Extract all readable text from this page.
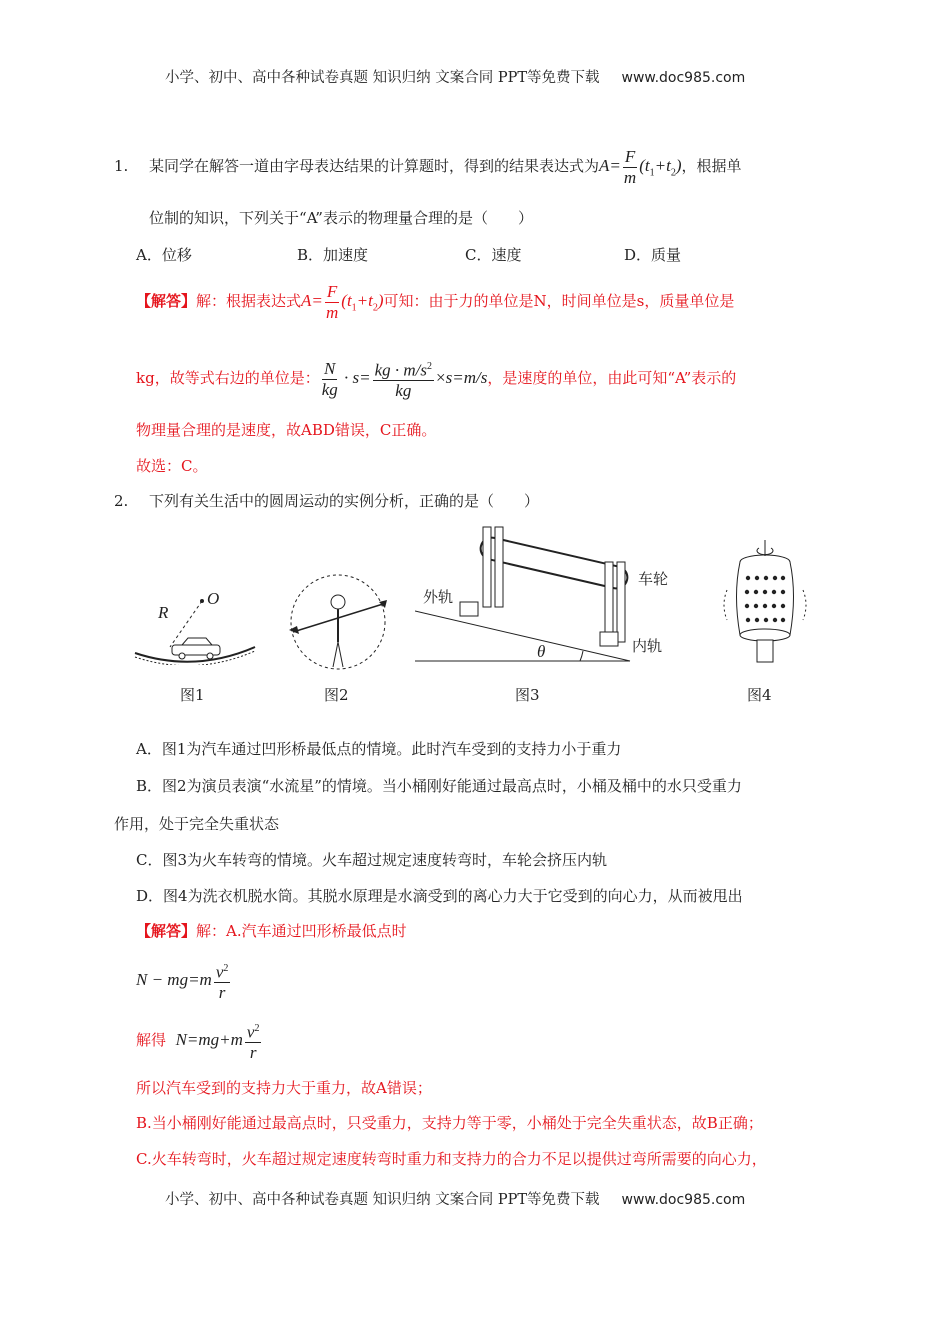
小学、初中、高中各种试卷真题 知识归纳 文案合同 PPT等免费下载 www.doc985.com
1. 某同学在解答一道由字母表达结果的计算题时，得到的结果表达式为$A= \frac{F}{m} (t_1+t_2)$，根据单
位制的知识，下列关于“A”表示的物理量合理的是（　　）
A．位移	B．加速度	C．速度	D．质量
【解答】解：根据表达式$A= \frac{F}{m} (t_1+t_2)$可知：由于力的单位是N，时间单位是s，质量单位是
kg，故等式右边的单位是： $\frac{N}{kg} \cdot s= \frac{kg \cdot m/s^2}{kg} \times s=m/s$，是速度的单位，由此可知“A”表示的
物理量合理的是速度，故ABD错误，C正确。
故选：C。
2. 下列有关生活中的圆周运动的实例分析，正确的是（　　）
R
O	外轨
车轮
内轨
θ
图1	图2	图3	图4
A．图1为汽车通过凹形桥最低点的情境。此时汽车受到的支持力小于重力
B．图2为演员表演“水流星”的情境。当小桶刚好能通过最高点时，小桶及桶中的水只受重力
作用，处于完全失重状态
C．图3为火车转弯的情境。火车超过规定速度转弯时，车轮会挤压内轨
D．图4为洗衣机脱水筒。其脱水原理是水滴受到的离心力大于它受到的向心力，从而被甩出
【解答】解：A.汽车通过凹形桥最低点时
$N - mg=m \frac{v^2}{r}$
解得 $N=mg+m \frac{v^2}{r}$
所以汽车受到的支持力大于重力，故A错误；
B.当小桶刚好能通过最高点时，只受重力，支持力等于零，小桶处于完全失重状态，故B正确；
C.火车转弯时，火车超过规定速度转弯时重力和支持力的合力不足以提供过弯所需要的向心力，
小学、初中、高中各种试卷真题 知识归纳 文案合同 PPT等免费下载 www.doc985.com
